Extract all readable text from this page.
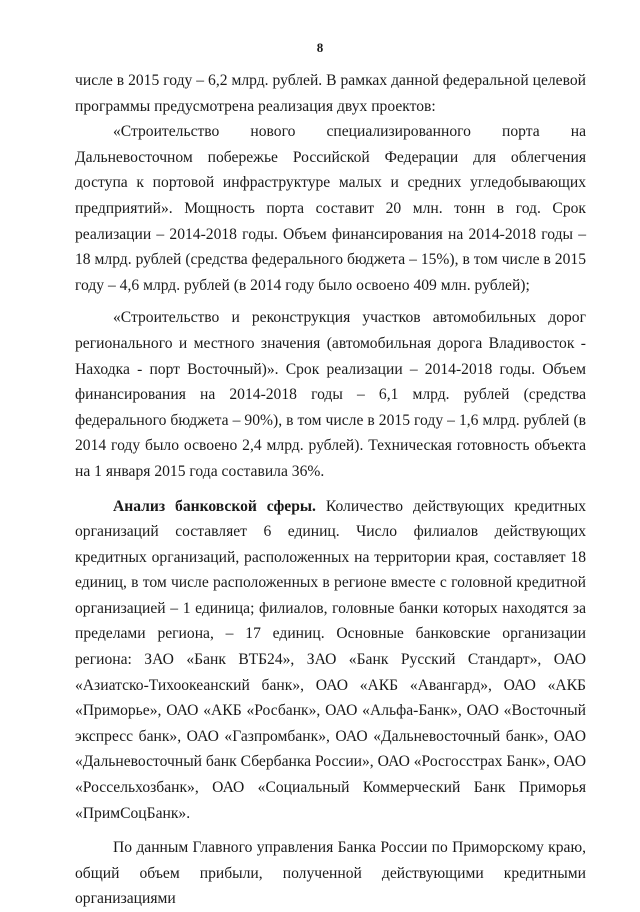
8

числе в 2015 году – 6,2 млрд. рублей. В рамках данной федеральной целевой программы предусмотрена реализация двух проектов:

«Строительство нового специализированного порта на Дальневосточном побережье Российской Федерации для облегчения доступа к портовой инфраструктуре малых и средних угледобывающих предприятий». Мощность порта составит 20 млн. тонн в год. Срок реализации – 2014-2018 годы. Объем финансирования на 2014-2018 годы – 18 млрд. рублей (средства федерального бюджета – 15%), в том числе в 2015 году – 4,6 млрд. рублей (в 2014 году было освоено 409 млн. рублей);

«Строительство и реконструкция участков автомобильных дорог регионального и местного значения (автомобильная дорога Владивосток - Находка - порт Восточный)». Срок реализации – 2014-2018 годы. Объем финансирования на 2014-2018 годы – 6,1 млрд. рублей (средства федерального бюджета – 90%), в том числе в 2015 году – 1,6 млрд. рублей (в 2014 году было освоено 2,4 млрд. рублей). Техническая готовность объекта на 1 января 2015 года составила 36%.

Анализ банковской сферы. Количество действующих кредитных организаций составляет 6 единиц. Число филиалов действующих кредитных организаций, расположенных на территории края, составляет 18 единиц, в том числе расположенных в регионе вместе с головной кредитной организацией – 1 единица; филиалов, головные банки которых находятся за пределами региона, – 17 единиц. Основные банковские организации региона: ЗАО «Банк ВТБ24», ЗАО «Банк Русский Стандарт», ОАО «Азиатско-Тихоокеанский банк», ОАО «АКБ «Авангард», ОАО «АКБ «Приморье», ОАО «АКБ «Росбанк», ОАО «Альфа-Банк», ОАО «Восточный экспресс банк», ОАО «Газпромбанк», ОАО «Дальневосточный банк», ОАО «Дальневосточный банк Сбербанка России», ОАО «Росгосстрах Банк», ОАО «Россельхозбанк», ОАО «Социальный Коммерческий Банк Приморья «ПримСоцБанк».

По данным Главного управления Банка России по Приморскому краю, общий объем прибыли, полученной действующими кредитными организациями
